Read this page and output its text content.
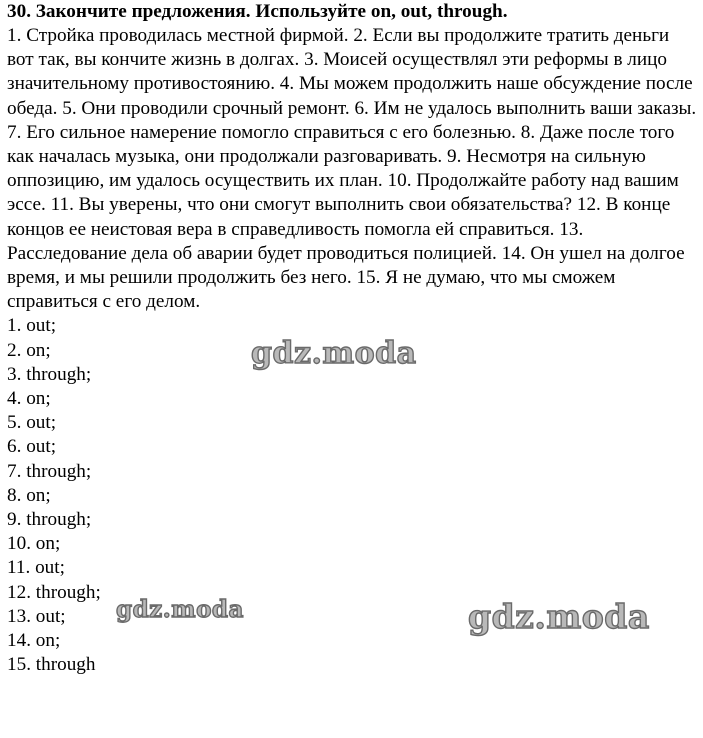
30. Закончите предложения. Используйте on, out, through.

1. Стройка проводилась местной фирмой. 2. Если вы продолжите тратить деньги вот так, вы кончите жизнь в долгах. 3. Моисей осуществлял эти реформы в лицо значительному противостоянию. 4. Мы можем продолжить наше обсуждение после обеда. 5. Они проводили срочный ремонт. 6. Им не удалось выполнить ваши заказы. 7. Его сильное намерение помогло справиться с его болезнью. 8. Даже после того как началась музыка, они продолжали разговаривать. 9. Несмотря на сильную оппозицию, им удалось осуществить их план. 10. Продолжайте работу над вашим эссе. 11. Вы уверены, что они смогут выполнить свои обязательства? 12. В конце концов ее неистовая вера в справедливость помогла ей справиться. 13. Расследование дела об аварии будет проводиться полицией. 14. Он ушел на долгое время, и мы решили продолжить без него. 15. Я не думаю, что мы сможем справиться с его делом.

1. out;
2. on;
3. through;
4. on;
5. out;
6. out;
7. through;
8. on;
9. through;
10. on;
11. out;
12. through;
13. out;
14. on;
15. through
gdz.moda
gdz.moda	gdz.moda
